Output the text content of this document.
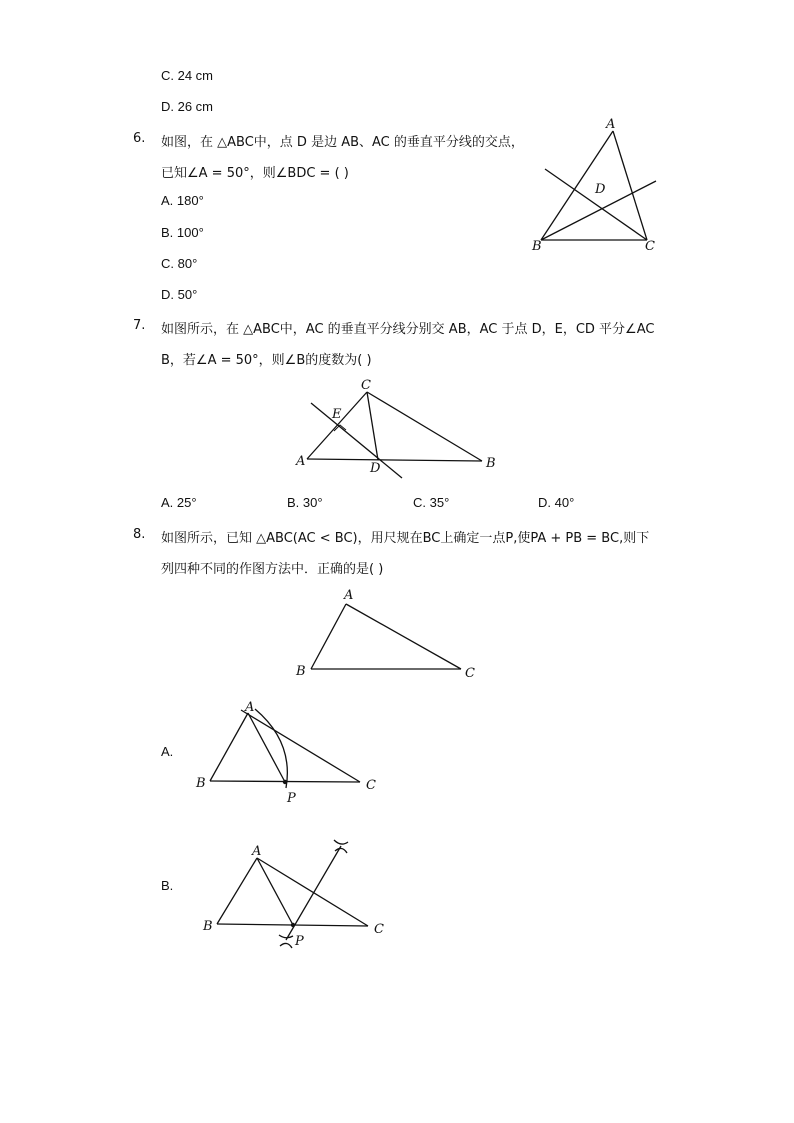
C. 24 cm
D. 26 cm
6. 如图，在 △ABC中，点 D 是边 AB、AC 的垂直平分线的交点，
已知∠A = 50°，则∠BDC = ( )
A. 180°
B. 100°
C. 80°
D. 50°
A
B	C
D
7. 如图所示，在 △ABC中，AC 的垂直平分线分别交 AB，AC 于点 D，E，CD 平分∠AC
B，若∠A = 50°，则∠B的度数为( )
C
E
A	D	B
A. 25°	B. 30°	C. 35°	D. 40°
8. 如图所示，已知 △ABC(AC < BC)，用尺规在BC上确定一点P,使PA + PB = BC,则下
列四种不同的作图方法中．正确的是( )
A
B	C
A.
A
B	C
P
B.
A
B	C
P
